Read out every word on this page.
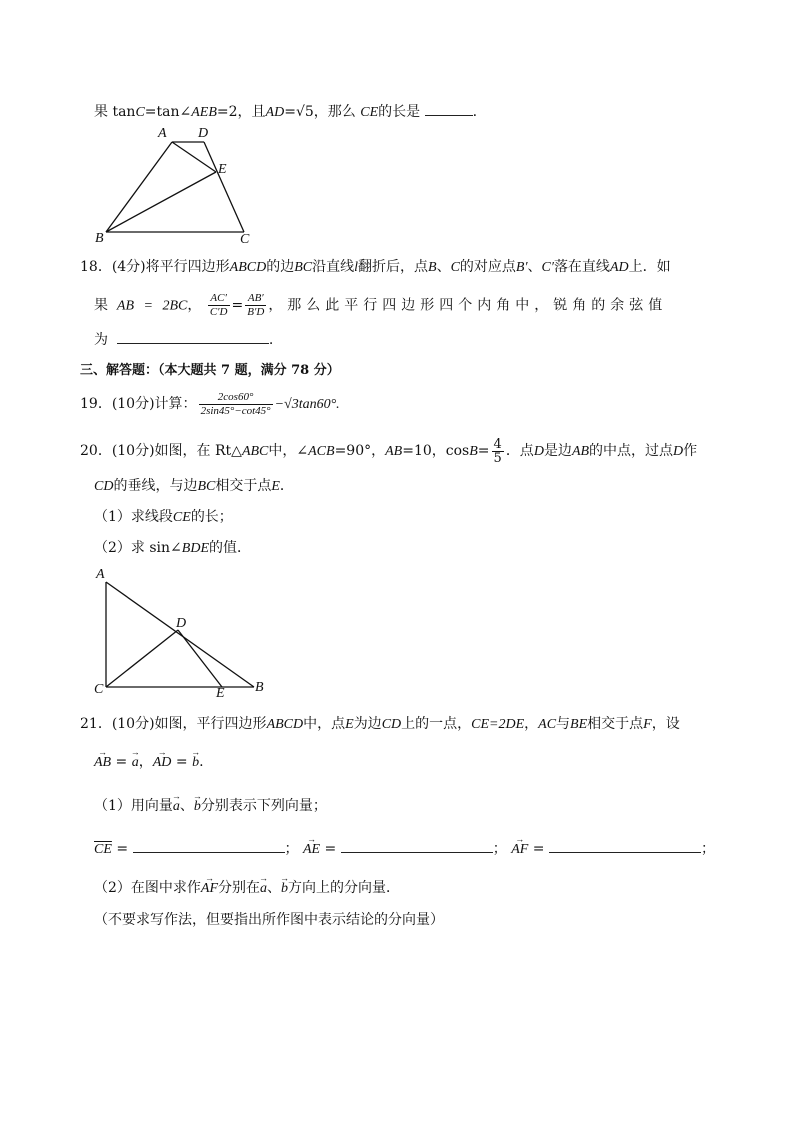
果 tanC=tan∠AEB=2，且AD=√5，那么 CE的长是	.
A D
E
B	C
18．(4分)将平行四边形ABCD的边BC沿直线l翻折后，点B、C的对应点B′、C′落在直线AD上．如
果 AB = 2BC， $\frac{AC'}{C'D} = \frac{AB'}{B'D}$ ，那么此平行四边形四个内角中，锐角的余弦值
为	.
三、解答题：（本大题共 7 题，满分 78 分）
19．(10分)计算： $\frac{2\cos 60^\circ}{2\sin 45^\circ-\cot 45^\circ} -√3\tan 60^\circ$.
20．(10分)如图，在 Rt△ABC中，∠ACB=90°，AB=10，$\cos B= \frac{4}{5}$ ．点D是边AB的中点，过点D作
CD的垂线，与边BC相交于点E．
（1）求线段CE的长；
（2）求 sin∠BDE的值．
A
D
C	E B
21．(10分)如图，平行四边形ABCD中，点E为边CD上的一点，CE=2DE，AC与BE相交于点F，设
→ AB = → a，→ AD = → b.
（1）用向量→ a、→ b分别表示下列向量；
$\overline{CE}$ =	； → AE =	； → AF =	；
（2）在图中求作→ AF分别在→ a、→ b方向上的分向量．
（不要求写作法，但要指出所作图中表示结论的分向量）
